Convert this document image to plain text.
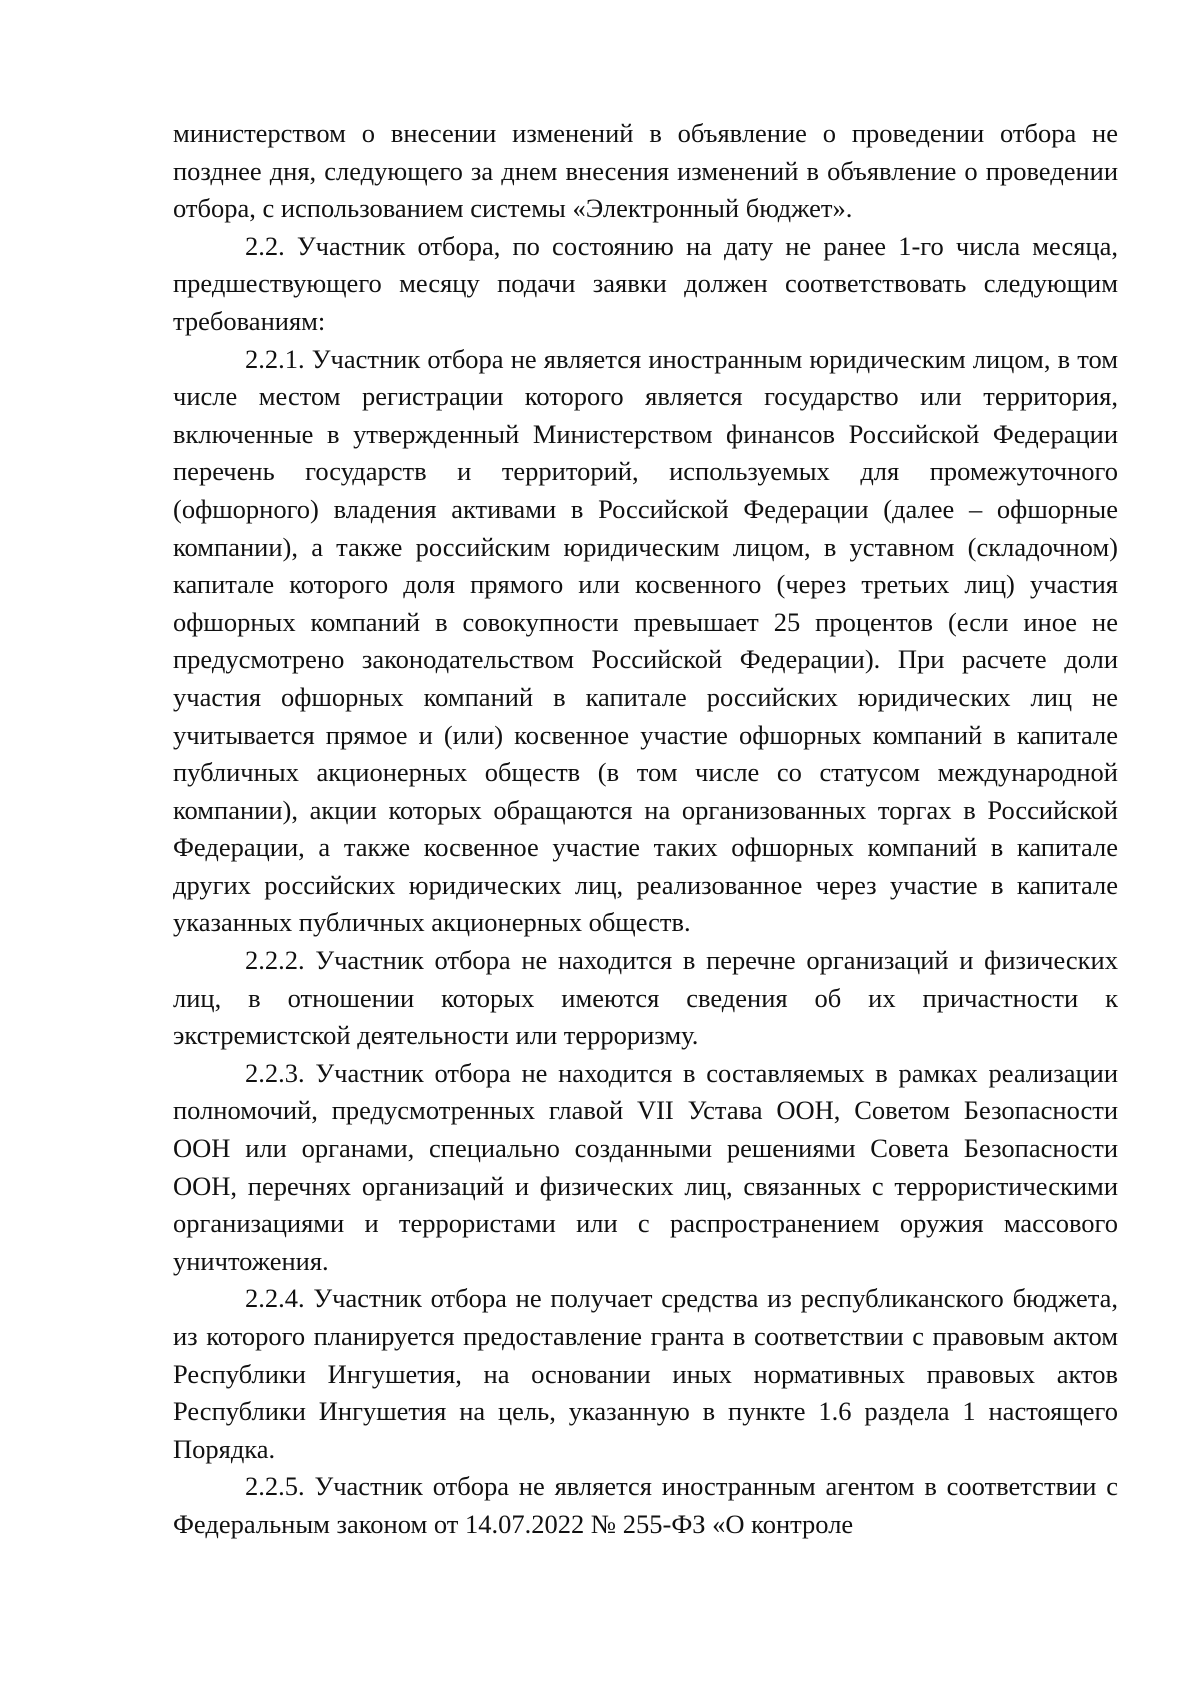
министерством о внесении изменений в объявление о проведении отбора не позднее дня, следующего за днем внесения изменений в объявление о проведении отбора, с использованием системы «Электронный бюджет».

2.2. Участник отбора, по состоянию на дату не ранее 1-го числа месяца, предшествующего месяцу подачи заявки должен соответствовать следующим требованиям:

2.2.1. Участник отбора не является иностранным юридическим лицом, в том числе местом регистрации которого является государство или территория, включенные в утвержденный Министерством финансов Российской Федерации перечень государств и территорий, используемых для промежуточного (офшорного) владения активами в Российской Федерации (далее – офшорные компании), а также российским юридическим лицом, в уставном (складочном) капитале которого доля прямого или косвенного (через третьих лиц) участия офшорных компаний в совокупности превышает 25 процентов (если иное не предусмотрено законодательством Российской Федерации). При расчете доли участия офшорных компаний в капитале российских юридических лиц не учитывается прямое и (или) косвенное участие офшорных компаний в капитале публичных акционерных обществ (в том числе со статусом международной компании), акции которых обращаются на организованных торгах в Российской Федерации, а также косвенное участие таких офшорных компаний в капитале других российских юридических лиц, реализованное через участие в капитале указанных публичных акционерных обществ.

2.2.2. Участник отбора не находится в перечне организаций и физических лиц, в отношении которых имеются сведения об их причастности к экстремистской деятельности или терроризму.

2.2.3. Участник отбора не находится в составляемых в рамках реализации полномочий, предусмотренных главой VII Устава ООН, Советом Безопасности ООН или органами, специально созданными решениями Совета Безопасности ООН, перечнях организаций и физических лиц, связанных с террористическими организациями и террористами или с распространением оружия массового уничтожения.

2.2.4. Участник отбора не получает средства из республиканского бюджета, из которого планируется предоставление гранта в соответствии с правовым актом Республики Ингушетия, на основании иных нормативных правовых актов Республики Ингушетия на цель, указанную в пункте 1.6 раздела 1 настоящего Порядка.

2.2.5. Участник отбора не является иностранным агентом в соответствии с Федеральным законом от 14.07.2022 № 255-ФЗ «О контроле
